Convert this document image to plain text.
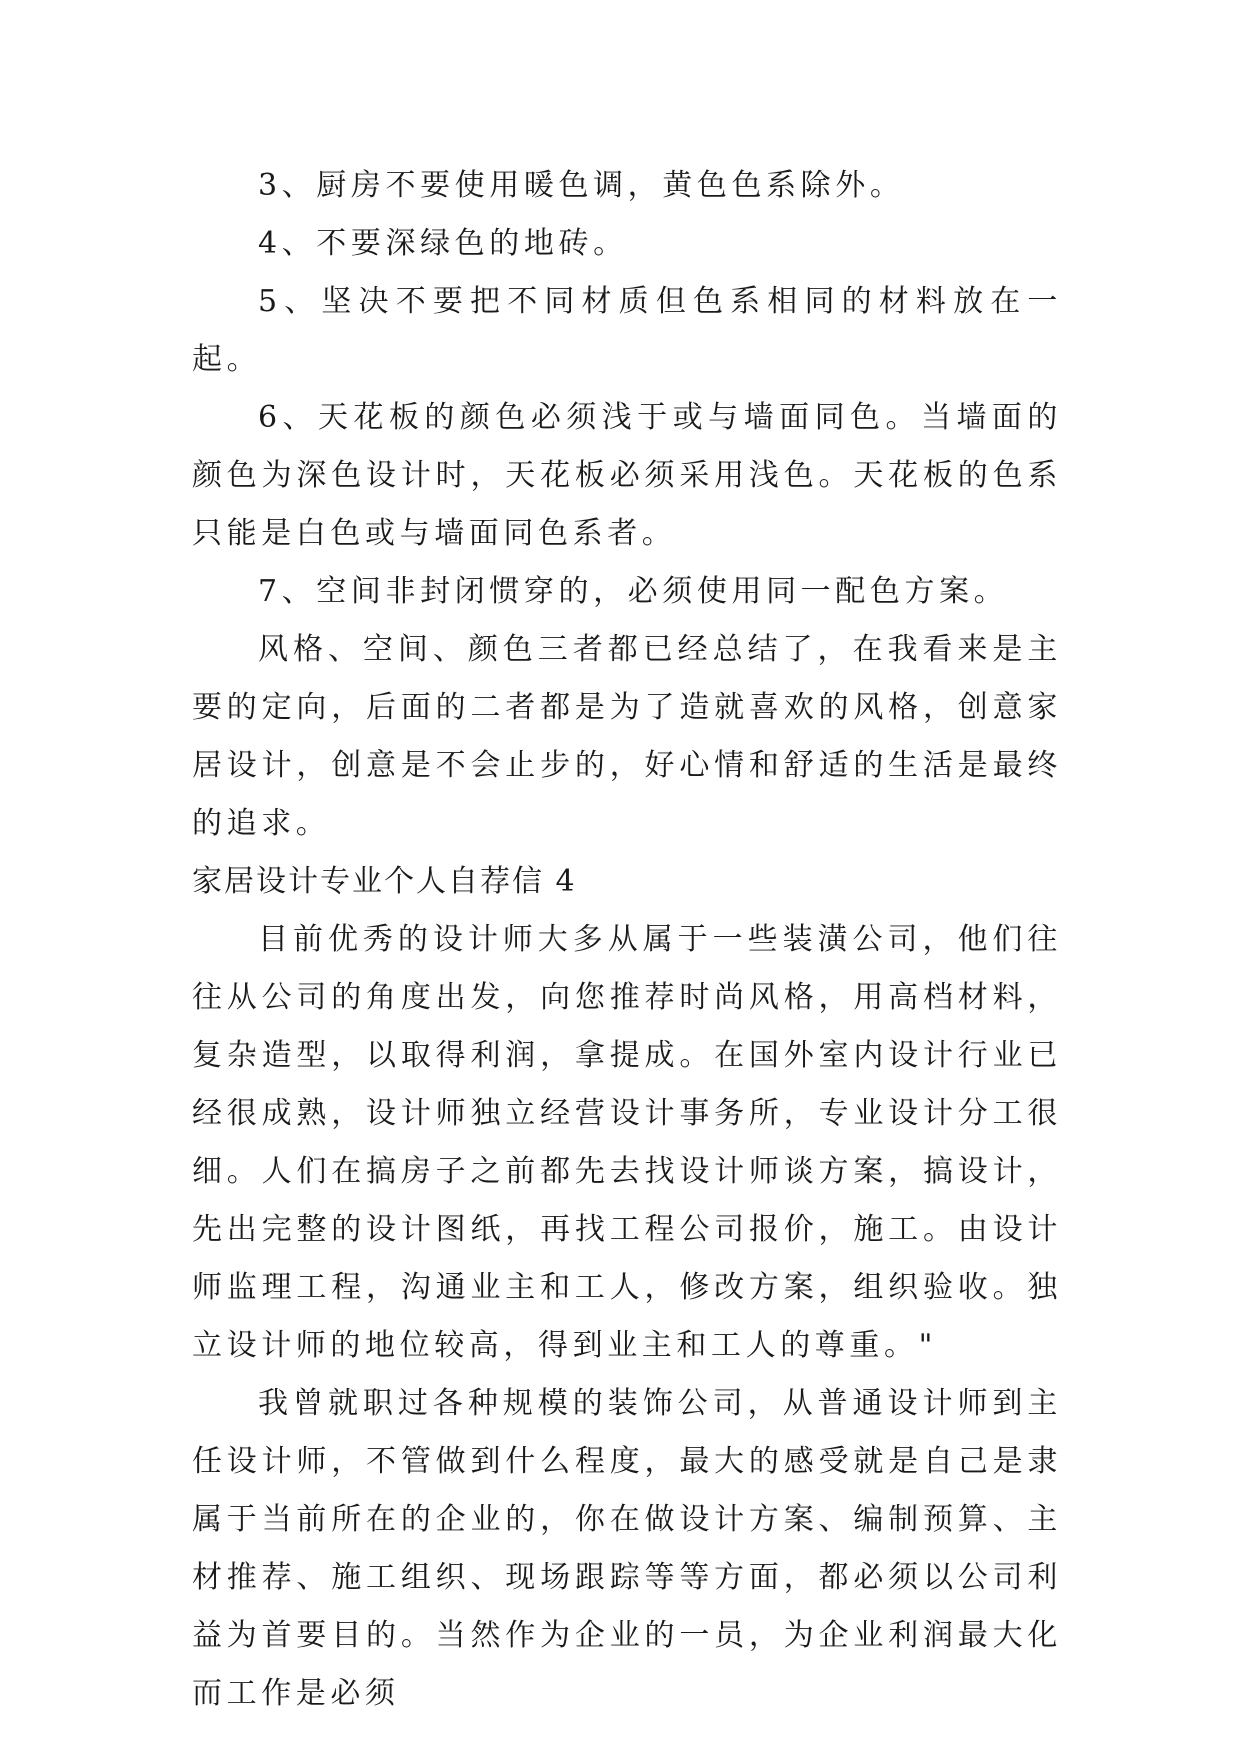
3、厨房不要使用暖色调，黄色色系除外。

4、不要深绿色的地砖。

5、坚决不要把不同材质但色系相同的材料放在一起。

6、天花板的颜色必须浅于或与墙面同色。当墙面的颜色为深色设计时，天花板必须采用浅色。天花板的色系只能是白色或与墙面同色系者。

7、空间非封闭惯穿的，必须使用同一配色方案。

风格、空间、颜色三者都已经总结了，在我看来是主要的定向，后面的二者都是为了造就喜欢的风格，创意家居设计，创意是不会止步的，好心情和舒适的生活是最终的追求。

家居设计专业个人自荐信 4

目前优秀的设计师大多从属于一些装潢公司，他们往往从公司的角度出发，向您推荐时尚风格，用高档材料，复杂造型，以取得利润，拿提成。在国外室内设计行业已经很成熟，设计师独立经营设计事务所，专业设计分工很细。人们在搞房子之前都先去找设计师谈方案，搞设计，先出完整的设计图纸，再找工程公司报价，施工。由设计师监理工程，沟通业主和工人，修改方案，组织验收。独立设计师的地位较高，得到业主和工人的尊重。"

我曾就职过各种规模的装饰公司，从普通设计师到主任设计师，不管做到什么程度，最大的感受就是自己是隶属于当前所在的企业的，你在做设计方案、编制预算、主材推荐、施工组织、现场跟踪等等方面，都必须以公司利益为首要目的。当然作为企业的一员，为企业利润最大化而工作是必须
